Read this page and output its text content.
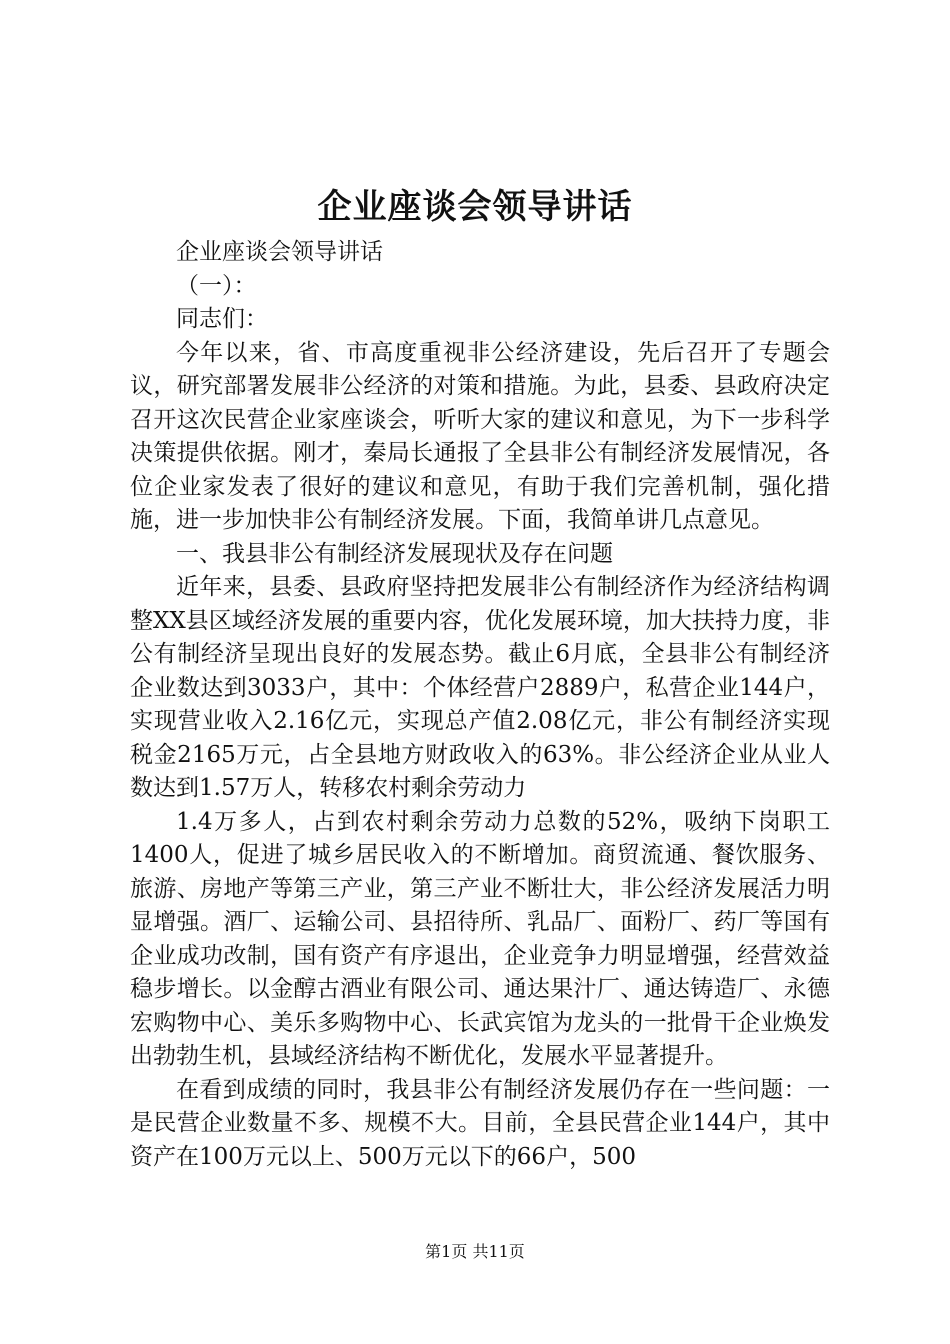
企业座谈会领导讲话

企业座谈会领导讲话

（一）：

同志们：

今年以来，省、市高度重视非公经济建设，先后召开了专题会议，研究部署发展非公经济的对策和措施。为此，县委、县政府决定召开这次民营企业家座谈会，听听大家的建议和意见，为下一步科学决策提供依据。刚才，秦局长通报了全县非公有制经济发展情况，各位企业家发表了很好的建议和意见，有助于我们完善机制，强化措施，进一步加快非公有制经济发展。下面，我简单讲几点意见。

一、我县非公有制经济发展现状及存在问题

近年来，县委、县政府坚持把发展非公有制经济作为经济结构调整XX县区域经济发展的重要内容，优化发展环境，加大扶持力度，非公有制经济呈现出良好的发展态势。截止6月底，全县非公有制经济企业数达到3033户，其中：个体经营户2889户，私营企业144户，实现营业收入2.16亿元，实现总产值2.08亿元，非公有制经济实现税金2165万元，占全县地方财政收入的63%。非公经济企业从业人数达到1.57万人，转移农村剩余劳动力

1.4万多人，占到农村剩余劳动力总数的52%，吸纳下岗职工1400人，促进了城乡居民收入的不断增加。商贸流通、餐饮服务、旅游、房地产等第三产业，第三产业不断壮大，非公经济发展活力明显增强。酒厂、运输公司、县招待所、乳品厂、面粉厂、药厂等国有企业成功改制，国有资产有序退出，企业竞争力明显增强，经营效益稳步增长。以金醇古酒业有限公司、通达果汁厂、通达铸造厂、永德宏购物中心、美乐多购物中心、长武宾馆为龙头的一批骨干企业焕发出勃勃生机，县域经济结构不断优化，发展水平显著提升。

在看到成绩的同时，我县非公有制经济发展仍存在一些问题：一是民营企业数量不多、规模不大。目前，全县民营企业144户，其中资产在100万元以上、500万元以下的66户，500

第1页 共11页
